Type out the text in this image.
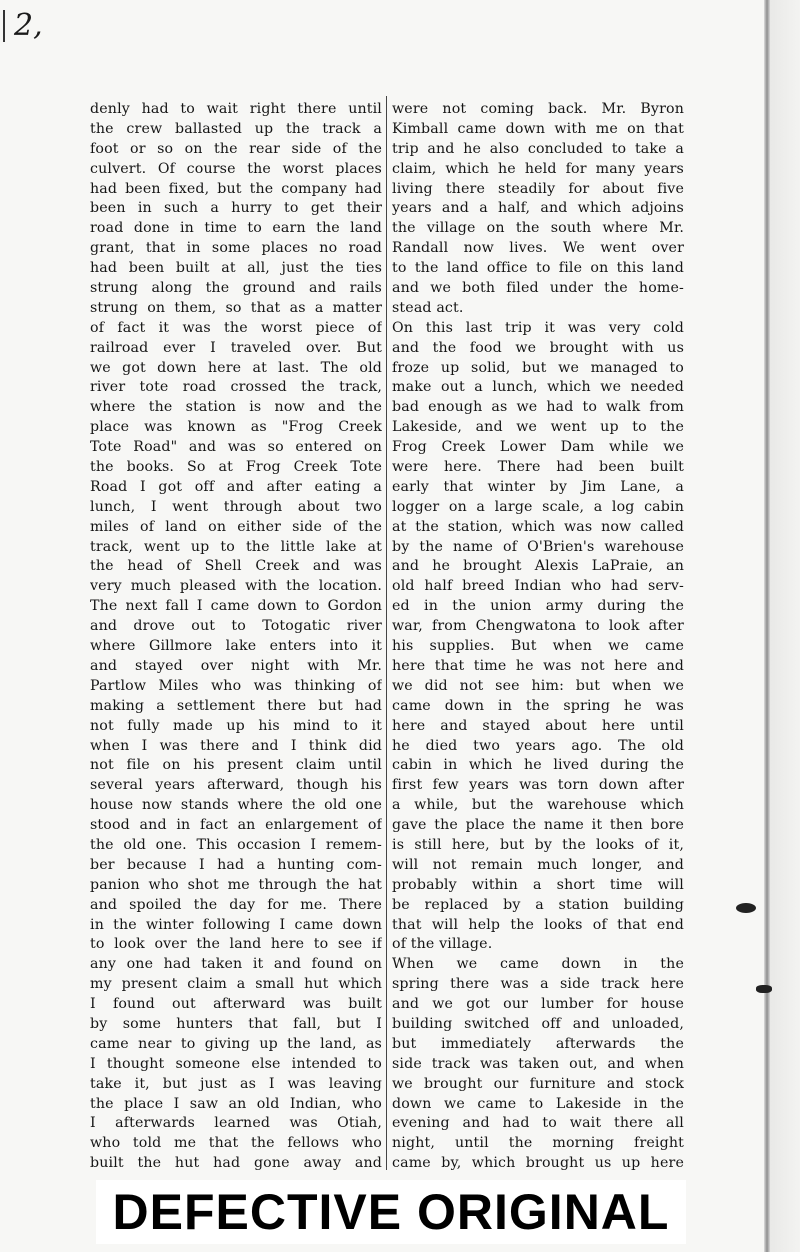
2,
denly had to wait right there until
the crew ballasted up the track a
foot or so on the rear side of the
culvert. Of course the worst places
had been fixed, but the company had
been in such a hurry to get their
road done in time to earn the land
grant, that in some places no road
had been built at all, just the ties
strung along the ground and rails
strung on them, so that as a matter
of fact it was the worst piece of
railroad ever I traveled over. But
we got down here at last. The old
river tote road crossed the track,
where the station is now and the
place was known as "Frog Creek
Tote Road" and was so entered on
the books. So at Frog Creek Tote
Road I got off and after eating a
lunch, I went through about two
miles of land on either side of the
track, went up to the little lake at
the head of Shell Creek and was
very much pleased with the location.
The next fall I came down to Gordon
and drove out to Totogatic river
where Gillmore lake enters into it
and stayed over night with Mr.
Partlow Miles who was thinking of
making a settlement there but had
not fully made up his mind to it
when I was there and I think did
not file on his present claim until
several years afterward, though his
house now stands where the old one
stood and in fact an enlargement of
the old one. This occasion I remem-
ber because I had a hunting com-
panion who shot me through the hat
and spoiled the day for me. There
in the winter following I came down
to look over the land here to see if
any one had taken it and found on
my present claim a small hut which
I found out afterward was built
by some hunters that fall, but I
came near to giving up the land, as
I thought someone else intended to
take it, but just as I was leaving
the place I saw an old Indian, who
I afterwards learned was Otiah,
who told me that the fellows who
built the hut had gone away and
were not coming back. Mr. Byron
Kimball came down with me on that
trip and he also concluded to take a
claim, which he held for many years
living there steadily for about five
years and a half, and which adjoins
the village on the south where Mr.
Randall now lives. We went over
to the land office to file on this land
and we both filed under the home-
stead act.
On this last trip it was very cold
and the food we brought with us
froze up solid, but we managed to
make out a lunch, which we needed
bad enough as we had to walk from
Lakeside, and we went up to the
Frog Creek Lower Dam while we
were here. There had been built
early that winter by Jim Lane, a
logger on a large scale, a log cabin
at the station, which was now called
by the name of O'Brien's warehouse
and he brought Alexis LaPraie, an
old half breed Indian who had serv-
ed in the union army during the
war, from Chengwatona to look after
his supplies. But when we came
here that time he was not here and
we did not see him: but when we
came down in the spring he was
here and stayed about here until
he died two years ago. The old
cabin in which he lived during the
first few years was torn down after
a while, but the warehouse which
gave the place the name it then bore
is still here, but by the looks of it,
will not remain much longer, and
probably within a short time will
be replaced by a station building
that will help the looks of that end
of the village.
When we came down in the
spring there was a side track here
and we got our lumber for house
building switched off and unloaded,
but immediately afterwards the
side track was taken out, and when
we brought our furniture and stock
down we came to Lakeside in the
evening and had to wait there all
night, until the morning freight
came by, which brought us up here
DEFECTIVE ORIGINAL
